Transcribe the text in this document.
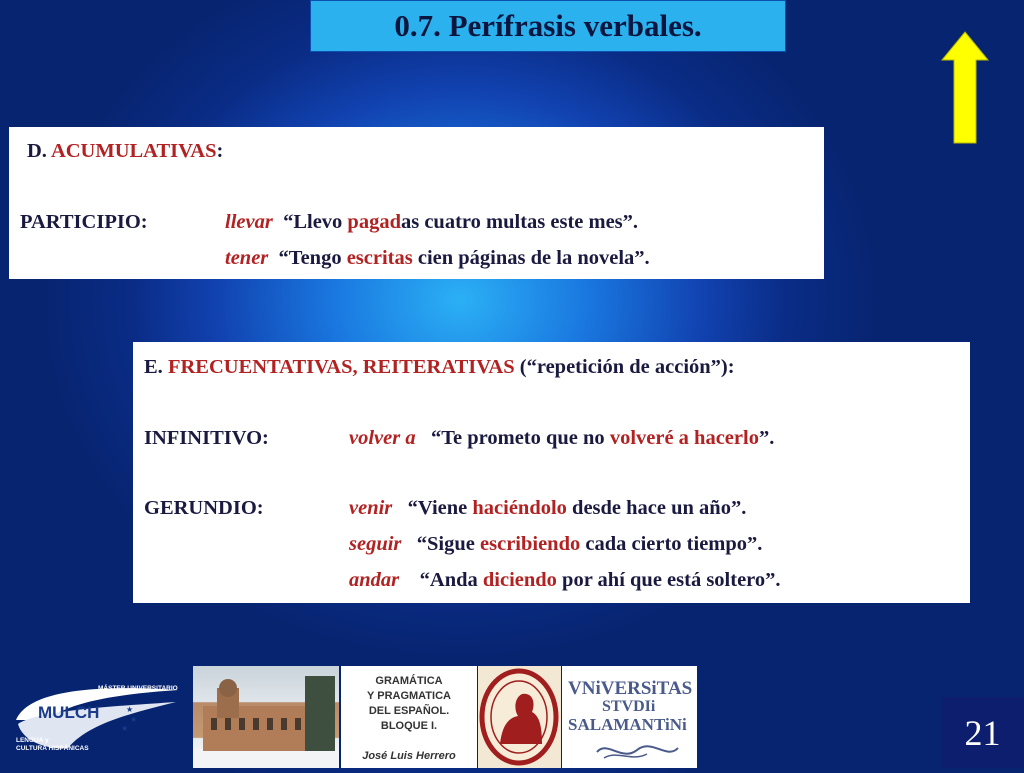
0.7. Perífrasis verbales.
D. ACUMULATIVAS:
PARTICIPIO:	llevar “Llevo pagadas cuatro multas este mes”.
tener “Tengo escritas cien páginas de la novela”.
E. FRECUENTATIVAS, REITERATIVAS (“repetición de acción”):
INFINITIVO:	volver a “Te prometo que no volveré a hacerlo”.
GERUNDIO:	venir “Viene haciéndolo desde hace un año”.
seguir “Sigue escribiendo cada cierto tiempo”.
andar “Anda diciendo por ahí que está soltero”.
MÁSTER UNIVERSITARIO
MULCH	★
★
★
LENGUA y
CULTURA HISPÁNICAS
GRAMÁTICA
Y PRAGMATICA
DEL ESPAÑOL.
BLOQUE I.
José Luis Herrero
VNiVERSiTAS
STVDIi
SALAMANTiNi	21
